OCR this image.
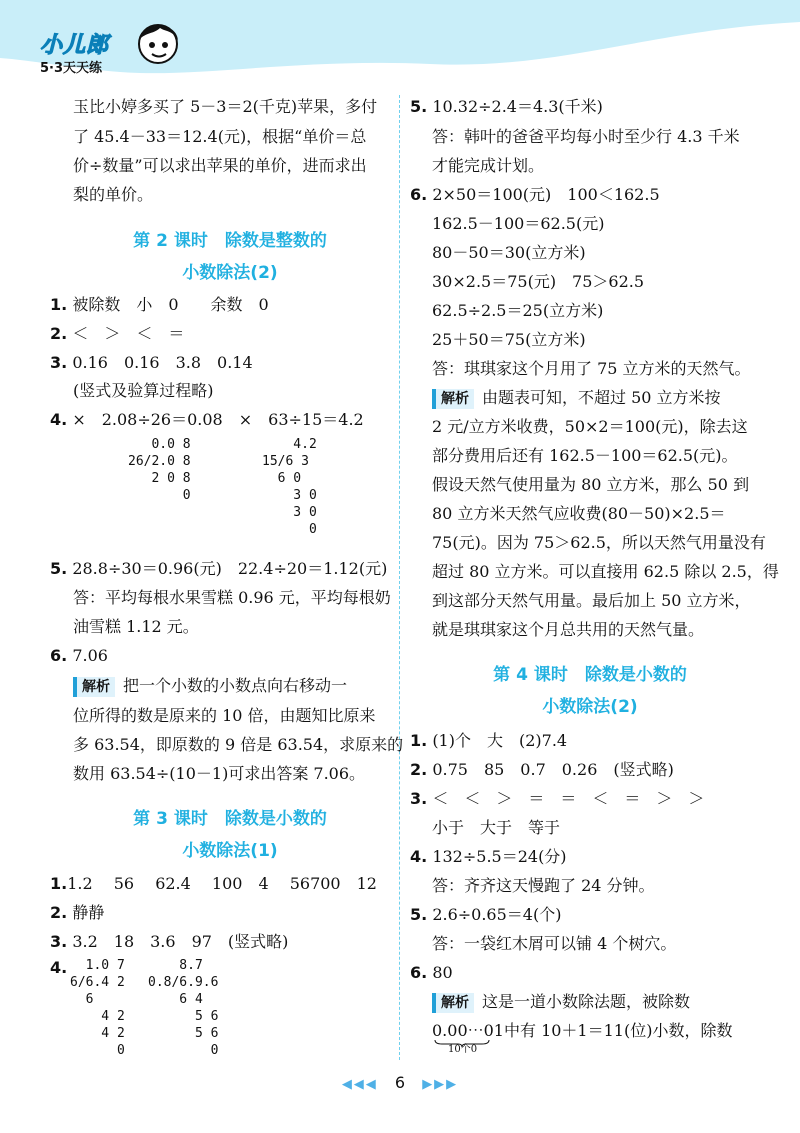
小儿郎
5·3天天练
玉比小婷多买了 5－3＝2(千克)苹果，多付
了 45.4－33＝12.4(元)，根据“单价＝总
价÷数量”可以求出苹果的单价，进而求出
梨的单价。
第 2 课时　除数是整数的
小数除法(2)
1. 被除数　小　0　　余数　0
2. ＜　＞　＜　＝
3. 0.16　0.16　3.8　0.14
(竖式及验算过程略)
4. ×　2.08÷26＝0.08　×　63÷15＝4.2
0.0 8
26/2.0 8
2 0 8
0
4.2
15/6 3
6 0
3 0
3 0
0
5. 28.8÷30＝0.96(元)　22.4÷20＝1.12(元)
答：平均每根水果雪糕 0.96 元，平均每根奶
油雪糕 1.12 元。
6. 7.06
解析 把一个小数的小数点向右移动一
位所得的数是原来的 10 倍，由题知比原来
多 63.54，即原数的 9 倍是 63.54，求原来的
数用 63.54÷(10－1)可求出答案 7.06。
第 3 课时　除数是小数的
小数除法(1)
1.1.2　 56　 62.4　 100　4　 56700　12
2. 静静
3. 3.2　18　3.6　97　(竖式略)
4. 1.0 7
6/6.4 2
6
4 2
4 2
0
8.7
0.8/6.9.6
6 4
5 6
5 6
0
5. 10.32÷2.4＝4.3(千米)
答：韩叶的爸爸平均每小时至少行 4.3 千米
才能完成计划。
6. 2×50＝100(元)　100＜162.5
162.5－100＝62.5(元)
80－50＝30(立方米)
30×2.5＝75(元)　75＞62.5
62.5÷2.5＝25(立方米)
25＋50＝75(立方米)
答：琪琪家这个月用了 75 立方米的天然气。
解析 由题表可知，不超过 50 立方米按
2 元/立方米收费，50×2＝100(元)，除去这
部分费用后还有 162.5－100＝62.5(元)。
假设天然气使用量为 80 立方米，那么 50 到
80 立方米天然气应收费(80－50)×2.5＝
75(元)。因为 75＞62.5，所以天然气用量没有
超过 80 立方米。可以直接用 62.5 除以 2.5，得
到这部分天然气用量。最后加上 50 立方米，
就是琪琪家这个月总共用的天然气量。
第 4 课时　除数是小数的
小数除法(2)
1. (1)个　大　(2)7.4
2. 0.75　85　0.7　0.26　(竖式略)
3. ＜　＜　＞　＝　＝　＜　＝　＞　＞
小于　大于　等于
4. 132÷5.5＝24(分)
答：齐齐这天慢跑了 24 分钟。
5. 2.6÷0.65＝4(个)
答：一袋红木屑可以铺 4 个树穴。
6. 80
解析 这是一道小数除法题，被除数
0.00⋯01中有 10＋1＝11(位)小数，除数
10个0
◀◀◀ 6 ▶▶▶
